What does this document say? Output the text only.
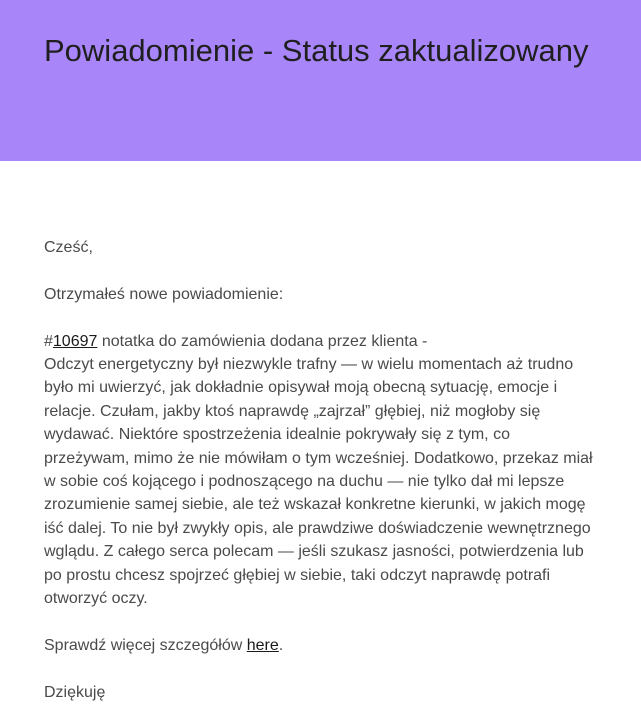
Powiadomienie - Status zaktualizowany

Cześć,

Otrzymałeś nowe powiadomienie:

#10697 notatka do zamówienia dodana przez klienta -
Odczyt energetyczny był niezwykle trafny — w wielu momentach aż trudno było mi uwierzyć, jak dokładnie opisywał moją obecną sytuację, emocje i relacje. Czułam, jakby ktoś naprawdę „zajrzał” głębiej, niż mogłoby się wydawać. Niektóre spostrzeżenia idealnie pokrywały się z tym, co przeżywam, mimo że nie mówiłam o tym wcześniej. Dodatkowo, przekaz miał w sobie coś kojącego i podnoszącego na duchu — nie tylko dał mi lepsze zrozumienie samej siebie, ale też wskazał konkretne kierunki, w jakich mogę iść dalej. To nie był zwykły opis, ale prawdziwe doświadczenie wewnętrznego wglądu. Z całego serca polecam — jeśli szukasz jasności, potwierdzenia lub po prostu chcesz spojrzeć głębiej w siebie, taki odczyt naprawdę potrafi otworzyć oczy.

Sprawdź więcej szczegółów here.

Dziękuję
